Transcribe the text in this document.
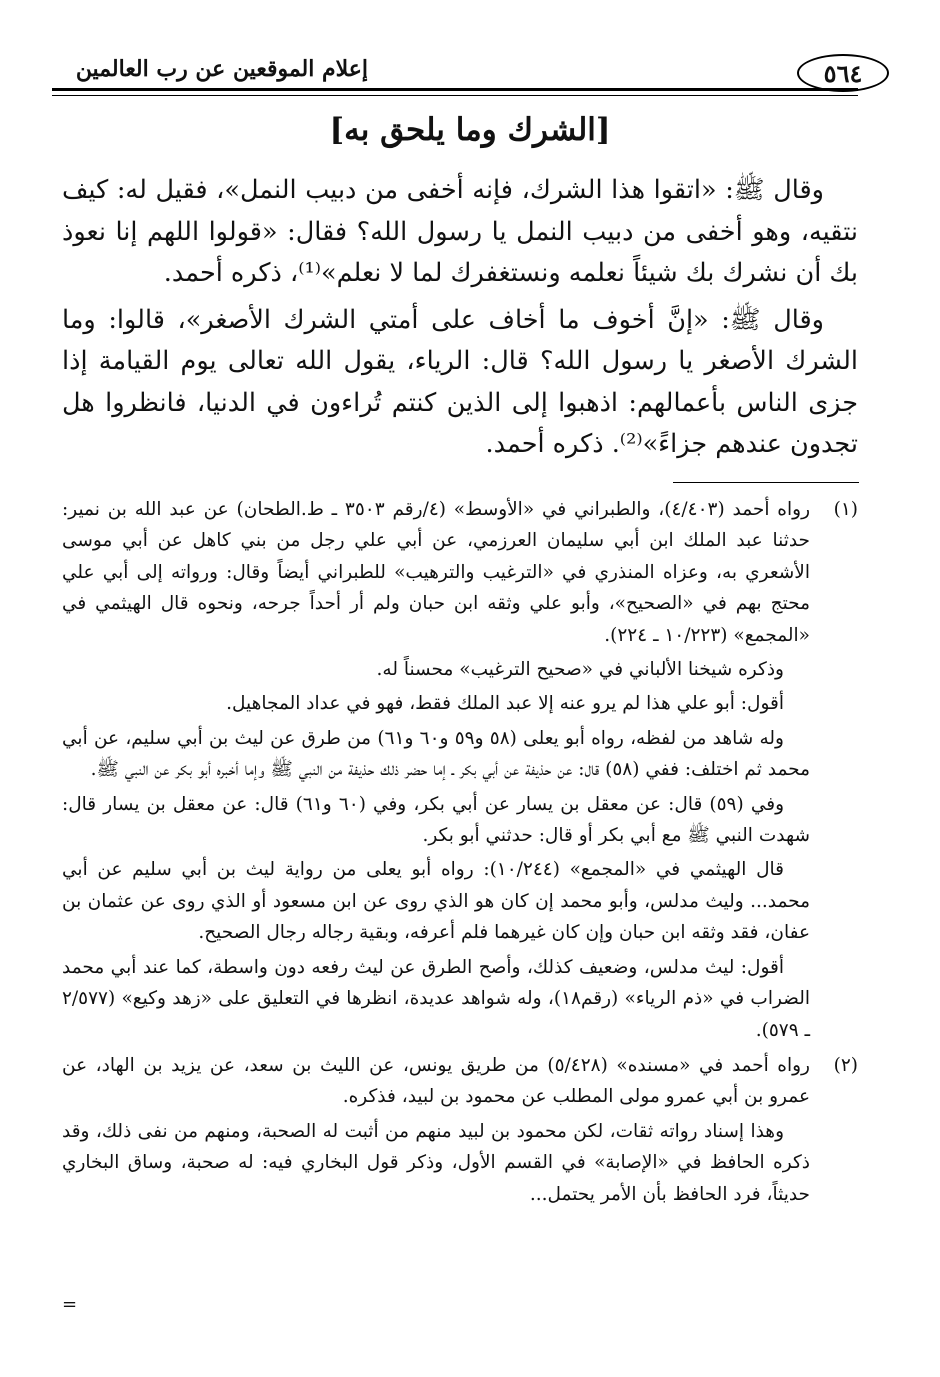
إعلام الموقعين عن رب العالمين	٥٦٤
[الشرك وما يلحق به]

وقال ﷺ: «اتقوا هذا الشرك، فإنه أخفى من دبيب النمل»، فقيل له: كيف نتقيه، وهو أخفى من دبيب النمل يا رسول الله؟ فقال: «قولوا اللهم إنا نعوذ بك أن نشرك بك شيئاً نعلمه ونستغفرك لما لا نعلم»⁽¹⁾، ذكره أحمد.

وقال ﷺ: «إنَّ أخوف ما أخاف على أمتي الشرك الأصغر»، قالوا: وما الشرك الأصغر يا رسول الله؟ قال: الرياء، يقول الله تعالى يوم القيامة إذا جزى الناس بأعمالهم: اذهبوا إلى الذين كنتم تُراءون في الدنيا، فانظروا هل تجدون عندهم جزاءً»⁽²⁾. ذكره أحمد.

(١)

رواه أحمد (٤/٤٠٣)، والطبراني في «الأوسط» (٤/رقم ٣٥٠٣ ـ ط.الطحان) عن عبد الله بن نمير: حدثنا عبد الملك ابن أبي سليمان العرزمي، عن أبي علي رجل من بني كاهل عن أبي موسى الأشعري به، وعزاه المنذري في «الترغيب والترهيب» للطبراني أيضاً وقال: ورواته إلى أبي علي محتج بهم في «الصحيح»، وأبو علي وثقه ابن حبان ولم أر أحداً جرحه، ونحوه قال الهيثمي في «المجمع» (١٠/٢٢٣ ـ ٢٢٤).

وذكره شيخنا الألباني في «صحيح الترغيب» محسناً له.

أقول: أبو علي هذا لم يرو عنه إلا عبد الملك فقط، فهو في عداد المجاهيل.

وله شاهد من لفظه، رواه أبو يعلى (٥٨ و٥٩ و٦٠ و٦١) من طرق عن ليث بن أبي سليم، عن أبي محمد ثم اختلف: ففي (٥٨) قال: عن حذيفة عن أبي بكر ـ إما حضر ذلك حذيفة من النبي ﷺ وإما أخبره أبو بكر عن النبي ﷺ.

وفي (٥٩) قال: عن معقل بن يسار عن أبي بكر، وفي (٦٠ و٦١) قال: عن معقل بن يسار قال: شهدت النبي ﷺ مع أبي بكر أو قال: حدثني أبو بكر.

قال الهيثمي في «المجمع» (١٠/٢٤٤): رواه أبو يعلى من رواية ليث بن أبي سليم عن أبي محمد... وليث مدلس، وأبو محمد إن كان هو الذي روى عن ابن مسعود أو الذي روى عن عثمان بن عفان، فقد وثقه ابن حبان وإن كان غيرهما فلم أعرفه، وبقية رجاله رجال الصحيح.

أقول: ليث مدلس، وضعيف كذلك، وأصح الطرق عن ليث رفعه دون واسطة، كما عند أبي محمد الضراب في «ذم الرياء» (رقم١٨)، وله شواهد عديدة، انظرها في التعليق على «زهد وكيع» (٢/٥٧٧ ـ ٥٧٩).

(٢)

رواه أحمد في «مسنده» (٥/٤٢٨) من طريق يونس، عن الليث بن سعد، عن يزيد بن الهاد، عن عمرو بن أبي عمرو مولى المطلب عن محمود بن لبيد، فذكره.

وهذا إسناد رواته ثقات، لكن محمود بن لبيد منهم من أثبت له الصحبة، ومنهم من نفى ذلك، وقد ذكره الحافظ في «الإصابة» في القسم الأول، وذكر قول البخاري فيه: له صحبة، وساق البخاري حديثاً، فرد الحافظ بأن الأمر يحتمل...

=
